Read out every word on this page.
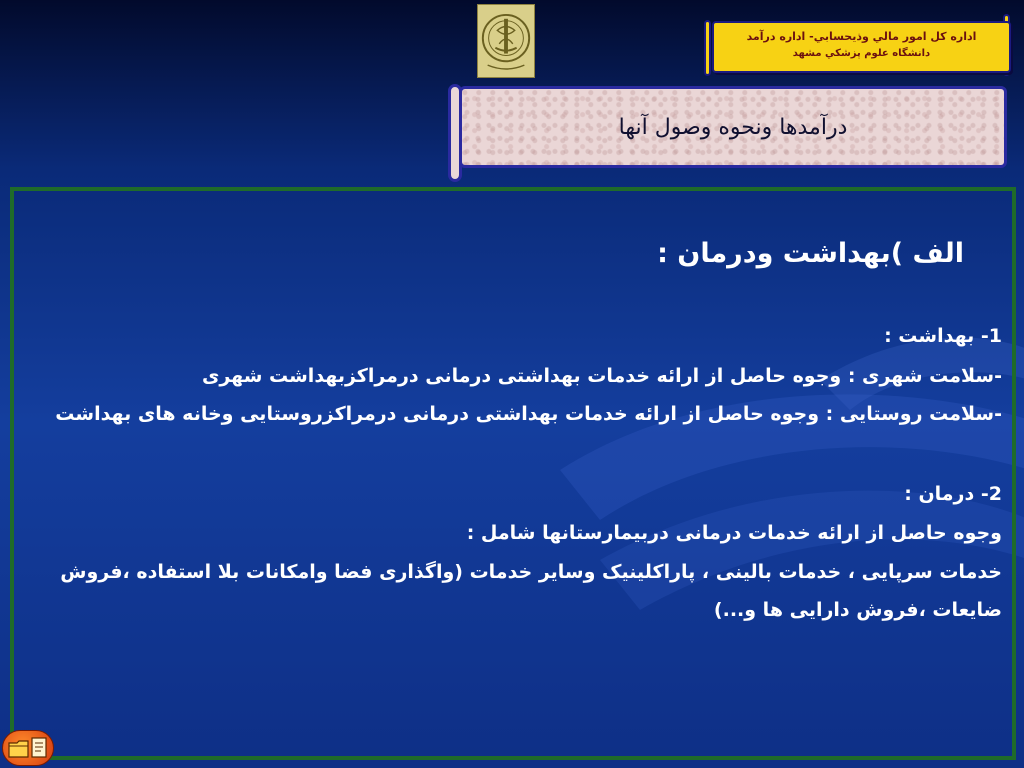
اداره کل امور مالي وذيحسابي- اداره درآمد
دانشگاه علوم پزشكي مشهد
درآمدها ونحوه وصول آنها
الف )بهداشت ودرمان :
1- بهداشت :
-سلامت شهری : وجوه حاصل از ارائه خدمات بهداشتی درمانی درمراکزبهداشت شهری
-سلامت روستایی : وجوه حاصل از ارائه خدمات بهداشتی درمانی درمراکزروستایی وخانه های بهداشت
2- درمان :
وجوه حاصل از ارائه خدمات درمانی دربیمارستانها شامل :
خدمات سرپایی ، خدمات بالینی ، پاراکلینیک وسایر خدمات (واگذاری فضا وامکانات بلا استفاده ،فروش
ضایعات ،فروش دارایی ها و...)
